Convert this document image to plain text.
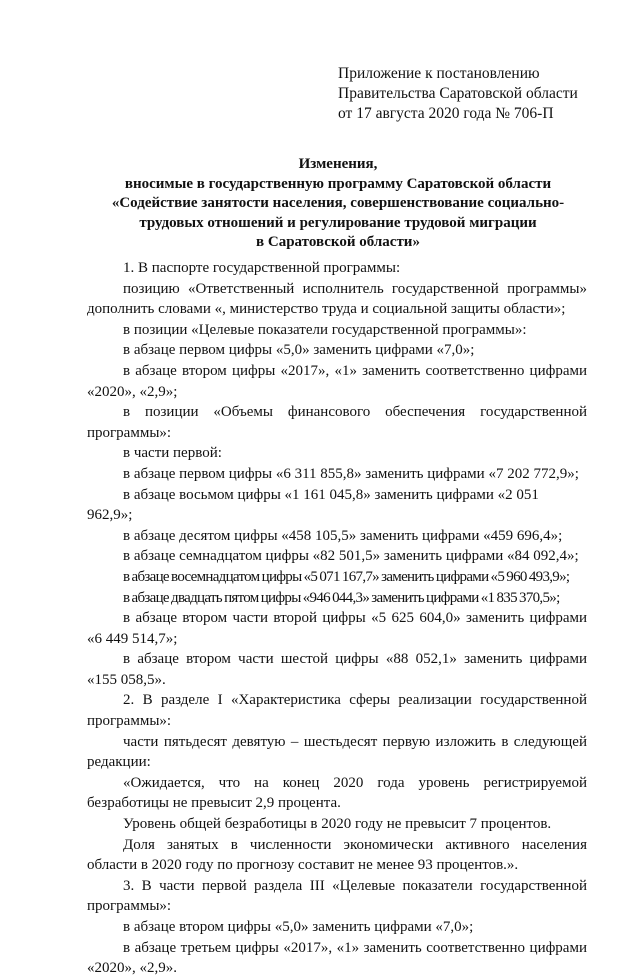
Приложение к постановлению
Правительства Саратовской области
от 17 августа 2020 года № 706-П
Изменения,
вносимые в государственную программу Саратовской области
«Содействие занятости населения, совершенствование социально-
трудовых отношений и регулирование трудовой миграции
в Саратовской области»

1. В паспорте государственной программы:

позицию «Ответственный исполнитель государственной программы» дополнить словами «, министерство труда и социальной защиты области»;

в позиции «Целевые показатели государственной программы»:

в абзаце первом цифры «5,0» заменить цифрами «7,0»;

в абзаце втором цифры «2017», «1» заменить соответственно цифрами «2020», «2,9»;

в позиции «Объемы финансового обеспечения государственной программы»:

в части первой:

в абзаце первом цифры «6 311 855,8» заменить цифрами «7 202 772,9»;

в абзаце восьмом цифры «1 161 045,8» заменить цифрами «2 051 962,9»;

в абзаце десятом цифры «458 105,5» заменить цифрами «459 696,4»;

в абзаце семнадцатом цифры «82 501,5» заменить цифрами «84 092,4»;

в абзаце восемнадцатом цифры «5 071 167,7» заменить цифрами «5 960 493,9»;

в абзаце двадцать пятом цифры «946 044,3» заменить цифрами «1 835 370,5»;

в абзаце втором части второй цифры «5 625 604,0» заменить цифрами «6 449 514,7»;

в абзаце втором части шестой цифры «88 052,1» заменить цифрами «155 058,5».

2. В разделе I «Характеристика сферы реализации государственной программы»:

части пятьдесят девятую – шестьдесят первую изложить в следующей редакции:

«Ожидается, что на конец 2020 года уровень регистрируемой безработицы не превысит 2,9 процента.

Уровень общей безработицы в 2020 году не превысит 7 процентов.

Доля занятых в численности экономически активного населения области в 2020 году по прогнозу составит не менее 93 процентов.».

3. В части первой раздела III «Целевые показатели государственной программы»:

в абзаце втором цифры «5,0» заменить цифрами «7,0»;

в абзаце третьем цифры «2017», «1» заменить соответственно цифрами «2020», «2,9».
